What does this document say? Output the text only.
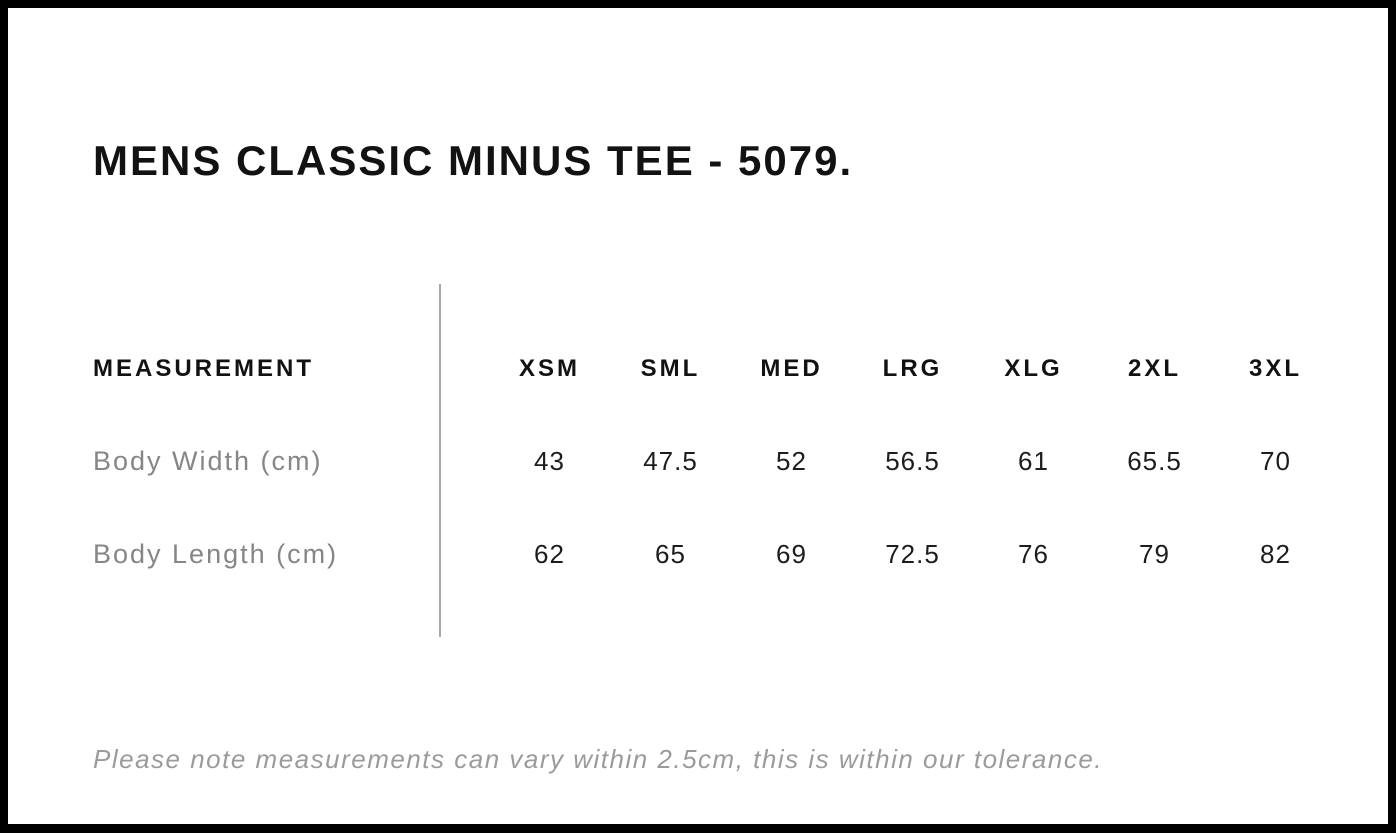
MENS CLASSIC MINUS TEE - 5079.
MEASUREMENT	XSM	SML	MED	LRG	XLG	2XL	3XL
Body Width (cm)	43	47.5	52	56.5	61	65.5	70
Body Length (cm)	62	65	69	72.5	76	79	82

Please note measurements can vary within 2.5cm, this is within our tolerance.
